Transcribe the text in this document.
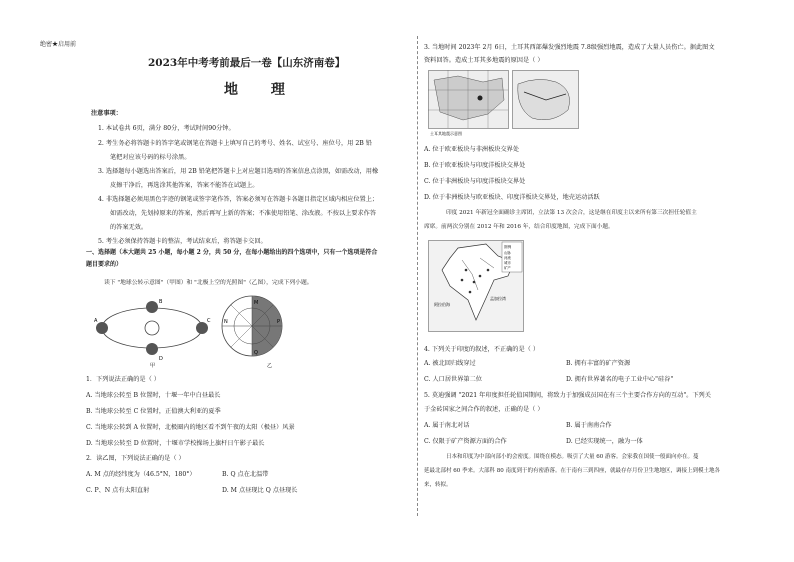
绝密★启用前
2023年中考考前最后一卷【山东济南卷】
地 理
注意事项：
1. 本试卷共 6页，满分 80分，考试时间90分钟。
2. 考生务必将答题卡的答字笔或钢笔在答题卡上填写自己的考号、姓名、试室号、座位号，用 2B 铅
笔把对应该号码的标号涂黑。
3. 选择题每小题选出答案后，用 2B 铅笔把答题卡上对应题目选项的答案信息点涂黑，如需改动，用橡
皮擦干净后，再选涂其他答案，答案不能答在试题上。
4. 非选择题必须用黑色字迹的钢笔或签字笔作答，答案必须写在答题卡各题目指定区域内相应位置上；
如需改动，先划掉原来的答案，然后再写上新的答案；不准使用铅笔、涂改液。不按以上要求作答
的答案无效。
5. 考生必须保持答题卡的整洁，考试结束后，将答题卡交回。
一、选择题（本大题共 25 小题，每小题 2 分，共 50 分，在每小题给出的四个选项中，只有一个选项是符合
题目要求的）
读下 "地球公转示意图"（甲图）和 "北极上空的光照图"（乙图），完成下列小题。
A
B
C
D
甲
M
N	P
Q
乙
1．下列说法正确的是（ ）
A. 当地球公转至 B 位置时，十堰一年中白昼最长
B. 当地球公转至 C 位置时，正值澳大利亚的夏季
C. 当地球公转到 A 位置时，北极圈内的地区看不到午夜的太阳（极昼）风景
D. 当地球公转至 D 位置时，十堰市学校操场上旗杆日午影子最长
2．读乙图，下列说法正确的是（ ）
A. M 点的经纬度为（46.5°N，180°）	B. Q 点在北温带
C. P、N 点有太阳直射	D. M 点昼现比 Q 点昼现长
3. 当地时间 2023年 2月 6日，土耳其西部爆发强烈地震 7.8级强烈地震，造成了大量人员伤亡。据此图文
资料回答。造成土耳其多地震的原因是（ ）
土耳其地震示意图
A. 位于欧亚板块与非洲板块交界处
B. 位于欧亚板块与印度洋板块交界处
C. 位于非洲板块与印度洋板块交界处
D. 位于非洲板块与欧亚板块、印度洋板块交界处，地壳运动活跃
印度 2021 年新冠全面确诊主席团，立法第 13 次会合，这是继在印度主以来所有第三次担任轮值主
席席。前两次分别在 2012 年和 2016 年，结合印度地图，完成下面小题。
阿拉伯海
孟加拉湾
图例
山脉
河流
城市
矿产
4. 下列关于印度的叙述，不正确的是（ ）
A. 被北回归线穿过	B. 拥有丰富的矿产资源
C. 人口居世界第二位	D. 拥有世界著名的电子工业中心"硅谷"
5. 莫迪强调 "2021 年印度担任轮值国期间，将致力于加强成员国在有三个主要合作方向的互动"。下列关
于金砖国家之间合作的叙述，正确的是（ ）
A. 属于南北对话	B. 属于南南合作
C. 仅限于矿产资源方面的合作	D. 已经实现统一，融为一体
日本和印度为中部向部小的会密度。围绕在模态。吸引了大量 60 游客。会家我在国使一般面向亦在。蔓
延最北部村 60 季来。大部科 80 南度到于的有密游落。在于南有三到四座，就最存存月份卫生地地区，调接上到模土地各
来，转拟。
